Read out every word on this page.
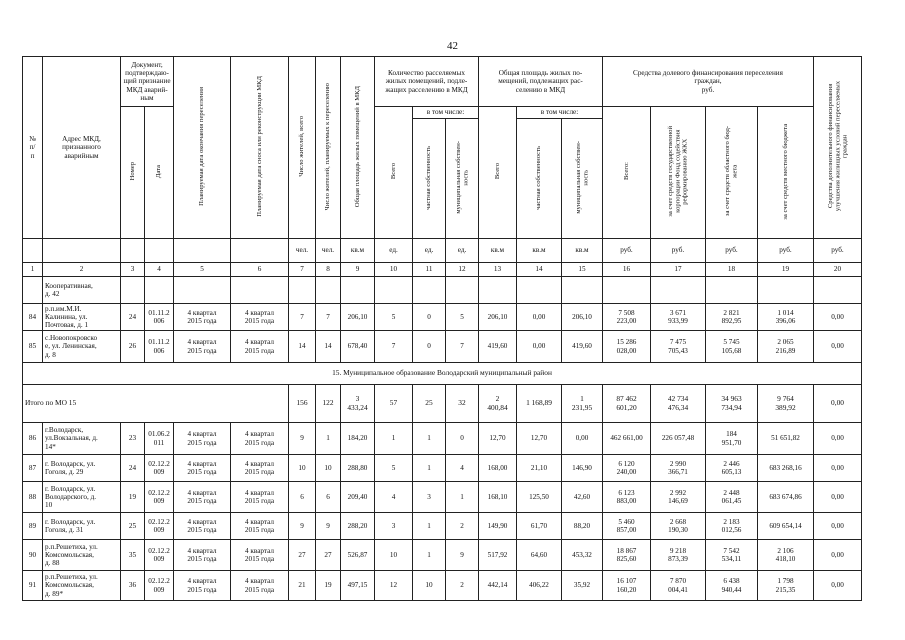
42
№
п/
п	Адрес МКД,
признанного
аварийным	Документ,
подтверждаю-
щий признание
МКД аварий-
ным		Планируемая дата окончания переселения	Планируемая дата сноса или реконструкции МКД	Число жителей, всего	Число жителей, планируемых к переселению	Общая площадь жилых помещений в МКД	Количество расселяемых
жилых помещений, подле-
жащих расселению в МКД			Общая площадь жилых по-
мещений, подлежащих рас-
селению в МКД			Средства долевого финансирования переселения
граждан,
руб.				Средства дополнительного финансирования
улучшения жилищных условий переселяемых
граждан
		Номер	Дата						Всего	в том числе:		Всего	в том числе:		Всего:	за счет средств государственной
корпорации Фонд содействия
реформированию ЖКХ	за счет средств областного бюд-
жета	за счет средств местного бюджета	
										частная собственность	муниципальная собствен-
ность		частная собственность	муниципальная собствен-
ность					
						чел.	чел.	кв.м	ед.	ед.	ед.	кв.м	кв.м	кв.м	руб.	руб.	руб.	руб.	руб.
1	2	3	4	5	6	7	8	9	10	11	12	13	14	15	16	17	18	19	20
	Кооперативная,
д. 42																		
84	р.п.им.М.И.
Калинина, ул.
Почтовая, д. 1	24	01.11.2
006	4 квартал
2015 года	4 квартал
2015 года	7	7	206,10	5	0	5	206,10	0,00	206,10	7 508
223,00	3 671
933,99	2 821
892,95	1 014
396,06	0,00
85	с.Новопокровско
е, ул. Ленинская,
д. 8	26	01.11.2
006	4 квартал
2015 года	4 квартал
2015 года	14	14	678,40	7	0	7	419,60	0,00	419,60	15 286
028,00	7 475
705,43	5 745
105,68	2 065
216,89	0,00
15. Муниципальное образование Володарский муниципальный район																			
Итого по МО 15						156	122	3
433,24	57	25	32	2
400,84	1 168,89	1
231,95	87 462
601,20	42 734
476,34	34 963
734,94	9 764
389,92	0,00
86	г.Володарск,
ул.Вокзальная, д.
14*	23	01.06.2
011	4 квартал
2015 года	4 квартал
2015 года	9	1	184,20	1	1	0	12,70	12,70	0,00	462 661,00	226 057,48	184
951,70	51 651,82	0,00
87	г. Володарск, ул.
Гоголя, д. 29	24	02.12.2
009	4 квартал
2015 года	4 квартал
2015 года	10	10	288,80	5	1	4	168,00	21,10	146,90	6 120
240,00	2 990
366,71	2 446
605,13	683 268,16	0,00
88	г. Володарск, ул.
Володарского, д.
10	19	02.12.2
009	4 квартал
2015 года	4 квартал
2015 года	6	6	209,40	4	3	1	168,10	125,50	42,60	6 123
883,00	2 992
146,69	2 448
061,45	683 674,86	0,00
89	г. Володарск, ул.
Гоголя, д. 31	25	02.12.2
009	4 квартал
2015 года	4 квартал
2015 года	9	9	288,20	3	1	2	149,90	61,70	88,20	5 460
857,00	2 668
190,30	2 183
012,56	609 654,14	0,00
90	р.п.Решетиха, ул.
Комсомольская,
д. 88	35	02.12.2
009	4 квартал
2015 года	4 квартал
2015 года	27	27	526,87	10	1	9	517,92	64,60	453,32	18 867
825,60	9 218
873,39	7 542
534,11	2 106
418,10	0,00
91	р.п.Решетиха, ул.
Комсомольская,
д. 89*	36	02.12.2
009	4 квартал
2015 года	4 квартал
2015 года	21	19	497,15	12	10	2	442,14	406,22	35,92	16 107
160,20	7 870
004,41	6 438
940,44	1 798
215,35	0,00
